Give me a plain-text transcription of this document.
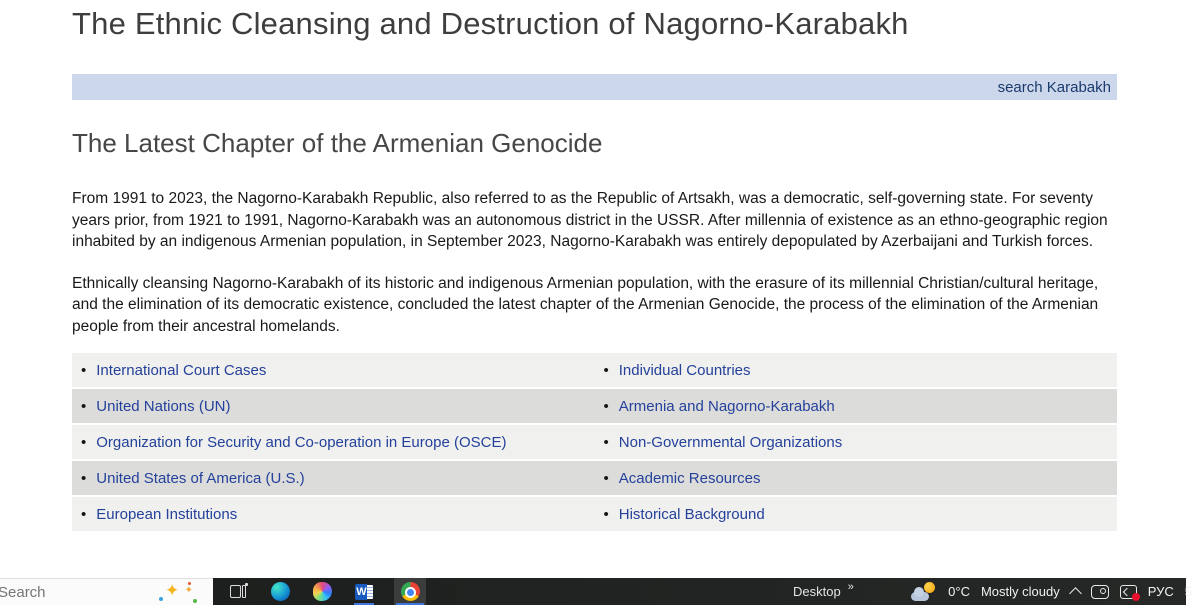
The Ethnic Cleansing and Destruction of Nagorno-Karabakh
search Karabakh
The Latest Chapter of the Armenian Genocide

From 1991 to 2023, the Nagorno-Karabakh Republic, also referred to as the Republic of Artsakh, was a democratic, self-governing state. For seventy years prior, from 1921 to 1991, Nagorno-Karabakh was an autonomous district in the USSR. After millennia of existence as an ethno-geographic region inhabited by an indigenous Armenian population, in September 2023, Nagorno-Karabakh was entirely depopulated by Azerbaijani and Turkish forces.

Ethnically cleansing Nagorno-Karabakh of its historic and indigenous Armenian population, with the erasure of its millennial Christian/cultural heritage, and the elimination of its democratic existence, concluded the latest chapter of the Armenian Genocide, the process of the elimination of the Armenian people from their ancestral homelands.

• International Court Cases	• Individual Countries
• United Nations (UN)	• Armenia and Nagorno-Karabakh
• Organization for Security and Co-operation in Europe (OSCE)	• Non-Governmental Organizations
• United States of America (U.S.)	• Academic Resources
• European Institutions	• Historical Background
Search
✦ ✦	W	Desktop »	0°C Mostly cloudy	РУС 5
